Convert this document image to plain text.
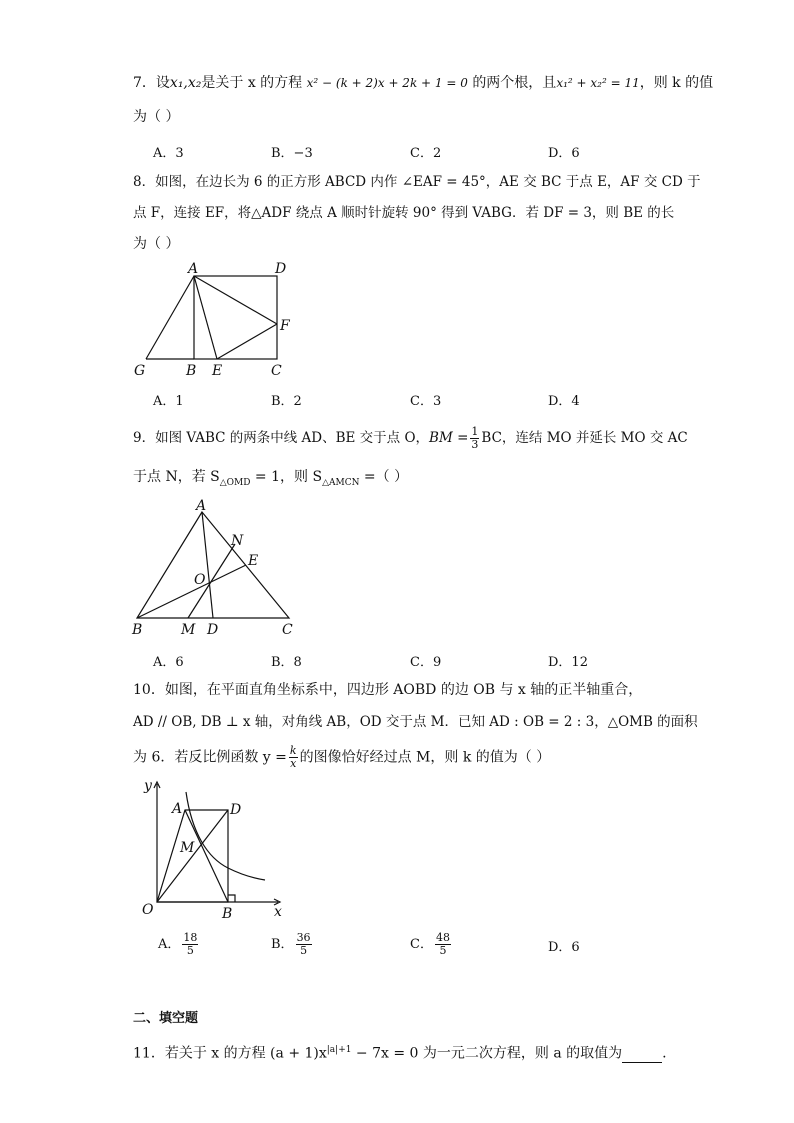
7．设x₁,x₂是关于 x 的方程 x² − (k + 2)x + 2k + 1 = 0 的两个根，且x₁² + x₂² = 11，则 k 的值
为（ ）
A．3	B．−3	C．2	D．6
8．如图，在边长为 6 的正方形 ABCD 内作 ∠EAF = 45°，AE 交 BC 于点 E，AF 交 CD 于
点 F，连接 EF，将△ADF 绕点 A 顺时针旋转 90° 得到 VABG．若 DF = 3，则 BE 的长
为（ ）
A	D
F
G	B E	C
A．1	B．2	C．3	D．4
9．如图 VABC 的两条中线 AD、BE 交于点 O，BM = $\frac{1}{3}$ BC，连结 MO 并延长 MO 交 AC
于点 N，若 $S_{\triangle OMD} = 1$，则 $S_{\triangle AMCN}$ =（ ）
A
N
E
O
B	M D	C
A．6	B．8	C．9	D．12
10．如图，在平面直角坐标系中，四边形 AOBD 的边 OB 与 x 轴的正半轴重合，
AD // OB, DB ⊥ x 轴，对角线 AB，OD 交于点 M．已知 AD : OB = 2 : 3，△OMB 的面积
为 6．若反比例函数 $y = \frac{k}{x}$ 的图像恰好经过点 M，则 k 的值为（ ）
y
A	D
M
O	B	x
A． $\frac{18}{5}$	B． $\frac{36}{5}$	C． $\frac{48}{5}$	D．6
二、填空题
11．若关于 x 的方程 $(a + 1)x^{|a|+1} - 7x = 0$ 为一元二次方程，则 a 的取值为	.
